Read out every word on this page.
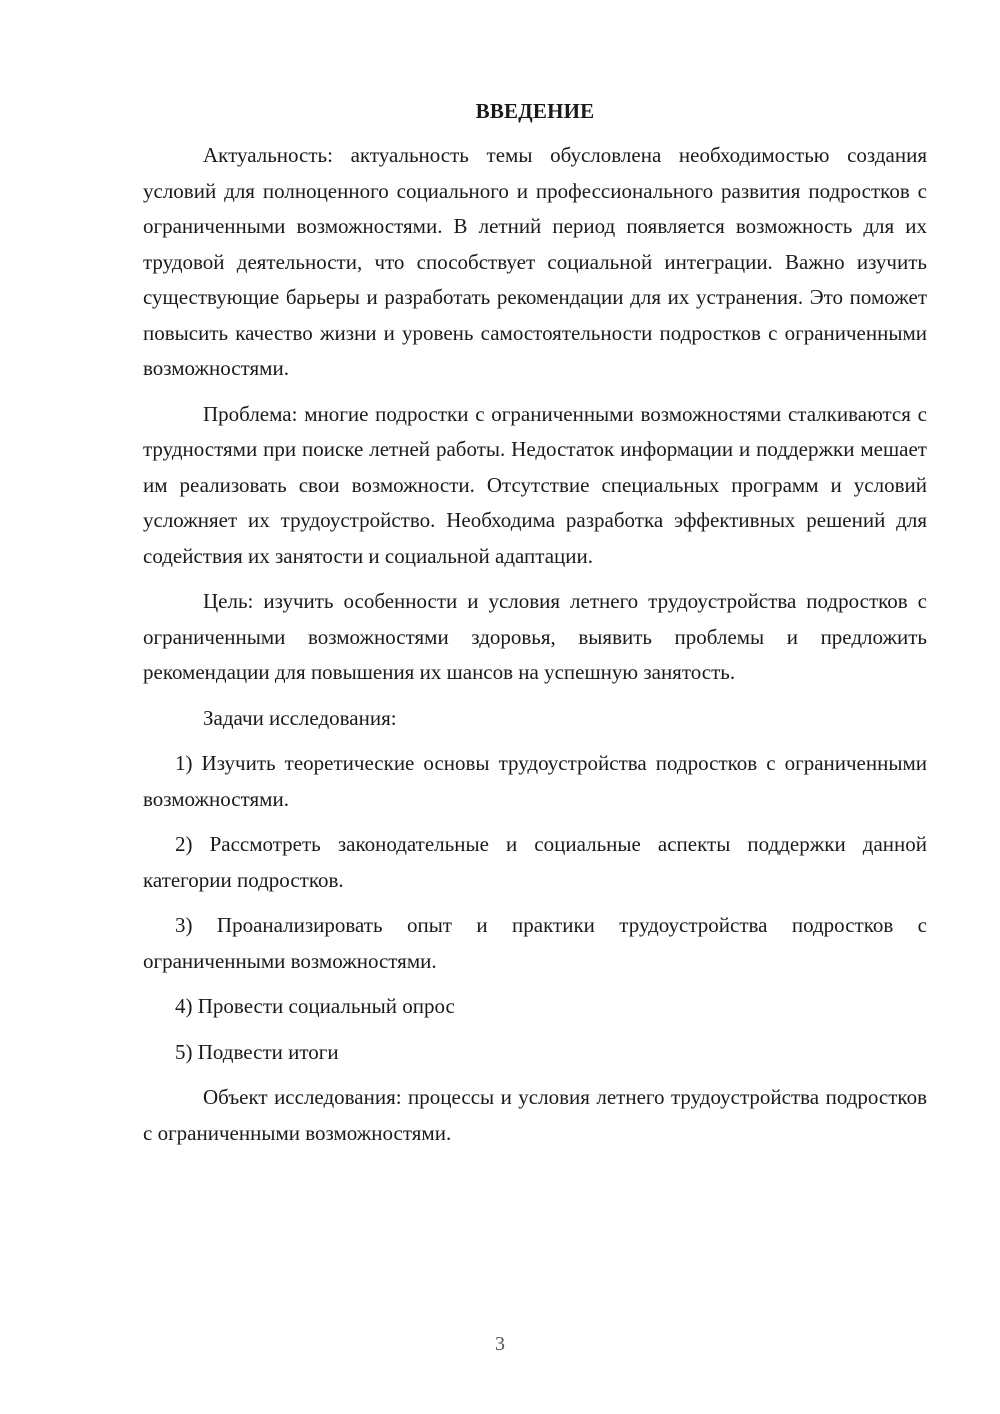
ВВЕДЕНИЕ

Актуальность: актуальность темы обусловлена необходимостью создания условий для полноценного социального и профессионального развития подростков с ограниченными возможностями. В летний период появляется возможность для их трудовой деятельности, что способствует социальной интеграции. Важно изучить существующие барьеры и разработать рекомендации для их устранения. Это поможет повысить качество жизни и уровень самостоятельности подростков с ограниченными возможностями.

Проблема: многие подростки с ограниченными возможностями сталкиваются с трудностями при поиске летней работы. Недостаток информации и поддержки мешает им реализовать свои возможности. Отсутствие специальных программ и условий усложняет их трудоустройство. Необходима разработка эффективных решений для содействия их занятости и социальной адаптации.

Цель: изучить особенности и условия летнего трудоустройства подростков с ограниченными возможностями здоровья, выявить проблемы и предложить рекомендации для повышения их шансов на успешную занятость.

Задачи исследования:

1) Изучить теоретические основы трудоустройства подростков с ограниченными возможностями.

2) Рассмотреть законодательные и социальные аспекты поддержки данной категории подростков.

3) Проанализировать опыт и практики трудоустройства подростков с ограниченными возможностями.

4) Провести социальный опрос

5) Подвести итоги

Объект исследования: процессы и условия летнего трудоустройства подростков с ограниченными возможностями.

3
